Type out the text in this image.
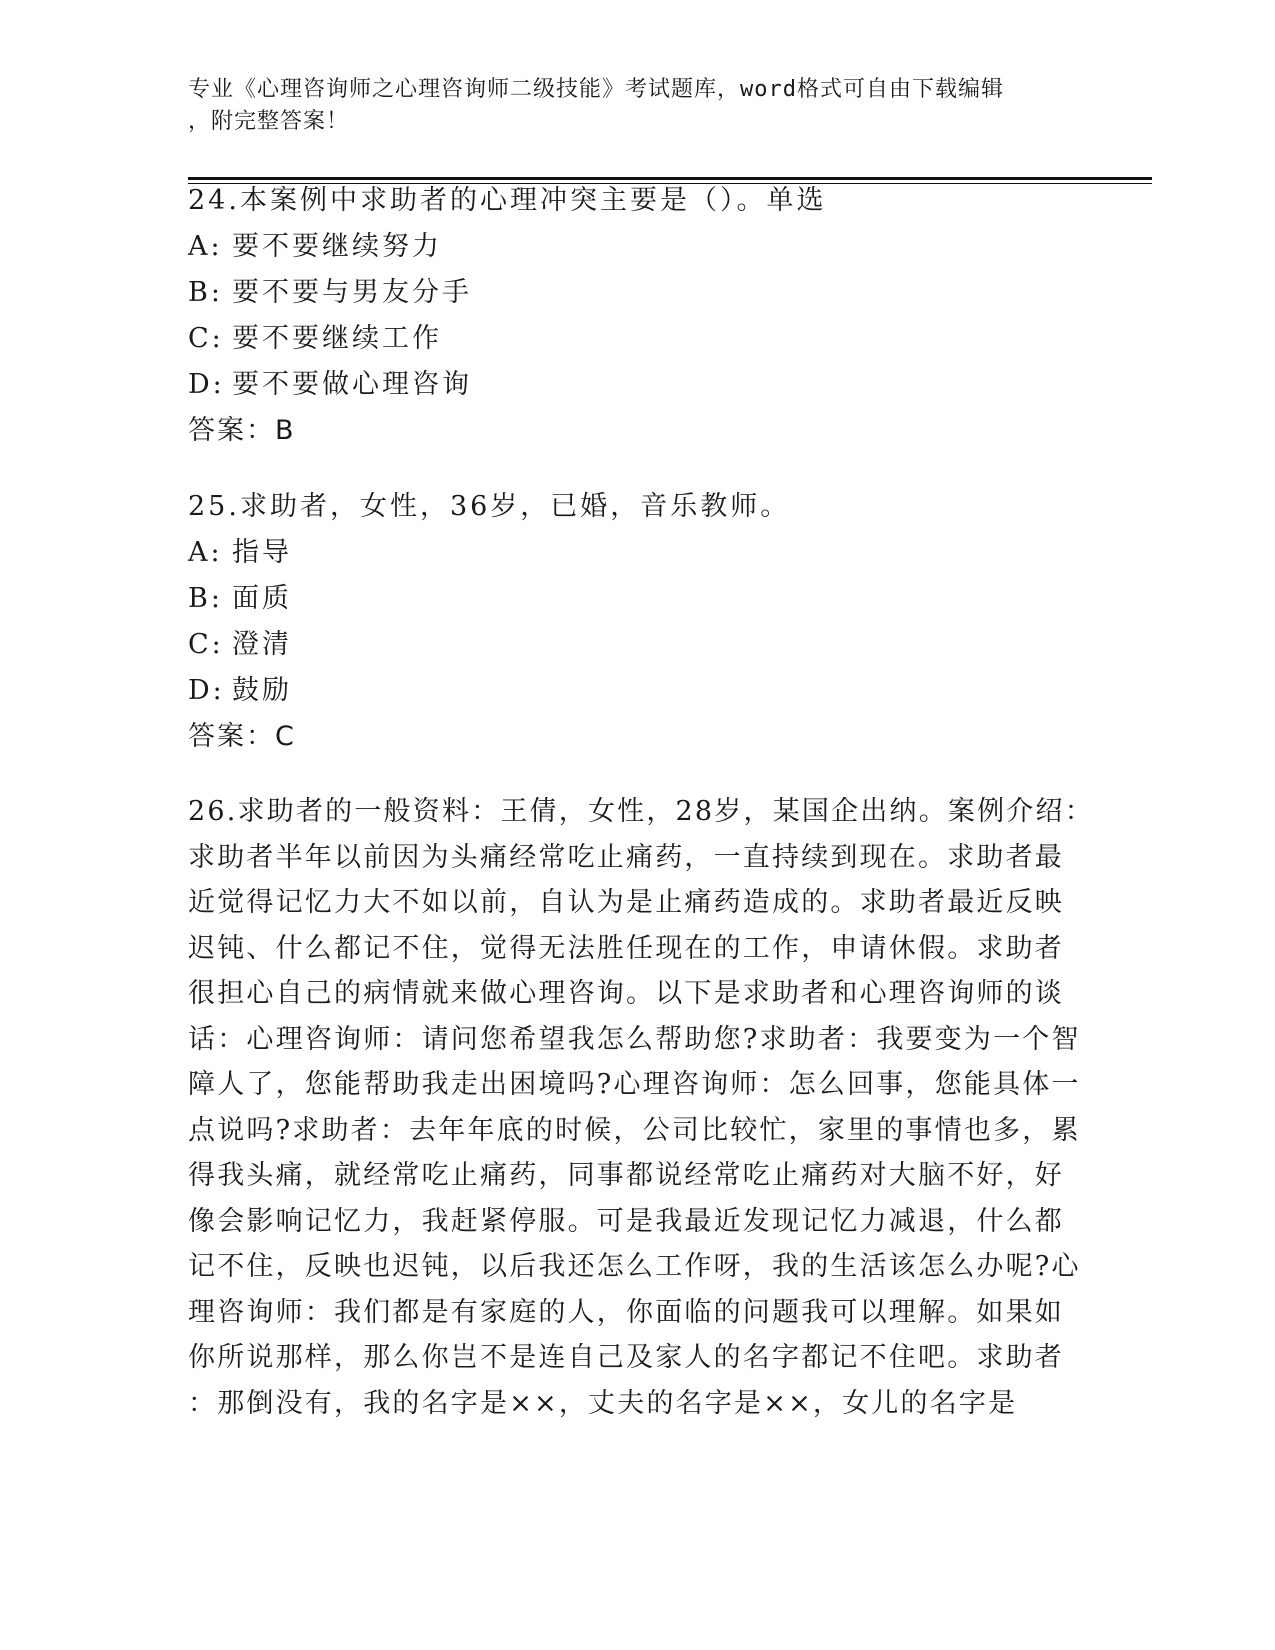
专业《心理咨询师之心理咨询师二级技能》考试题库，word格式可自由下载编辑

，附完整答案！

24.本案例中求助者的心理冲突主要是（）。单选

A: 要不要继续努力

B: 要不要与男友分手

C: 要不要继续工作

D: 要不要做心理咨询

答案：B

25.求助者，女性，36岁，已婚，音乐教师。

A: 指导

B: 面质

C: 澄清

D: 鼓励

答案：C

26.求助者的一般资料：王倩，女性，28岁，某国企出纳。案例介绍：

求助者半年以前因为头痛经常吃止痛药，一直持续到现在。求助者最

近觉得记忆力大不如以前，自认为是止痛药造成的。求助者最近反映

迟钝、什么都记不住，觉得无法胜任现在的工作，申请休假。求助者

很担心自己的病情就来做心理咨询。以下是求助者和心理咨询师的谈

话：心理咨询师：请问您希望我怎么帮助您?求助者：我要变为一个智

障人了，您能帮助我走出困境吗?心理咨询师：怎么回事，您能具体一

点说吗?求助者：去年年底的时候，公司比较忙，家里的事情也多，累

得我头痛，就经常吃止痛药，同事都说经常吃止痛药对大脑不好，好

像会影响记忆力，我赶紧停服。可是我最近发现记忆力减退，什么都

记不住，反映也迟钝，以后我还怎么工作呀，我的生活该怎么办呢?心

理咨询师：我们都是有家庭的人，你面临的问题我可以理解。如果如

你所说那样，那么你岂不是连自己及家人的名字都记不住吧。求助者

：那倒没有，我的名字是××，丈夫的名字是××，女儿的名字是
